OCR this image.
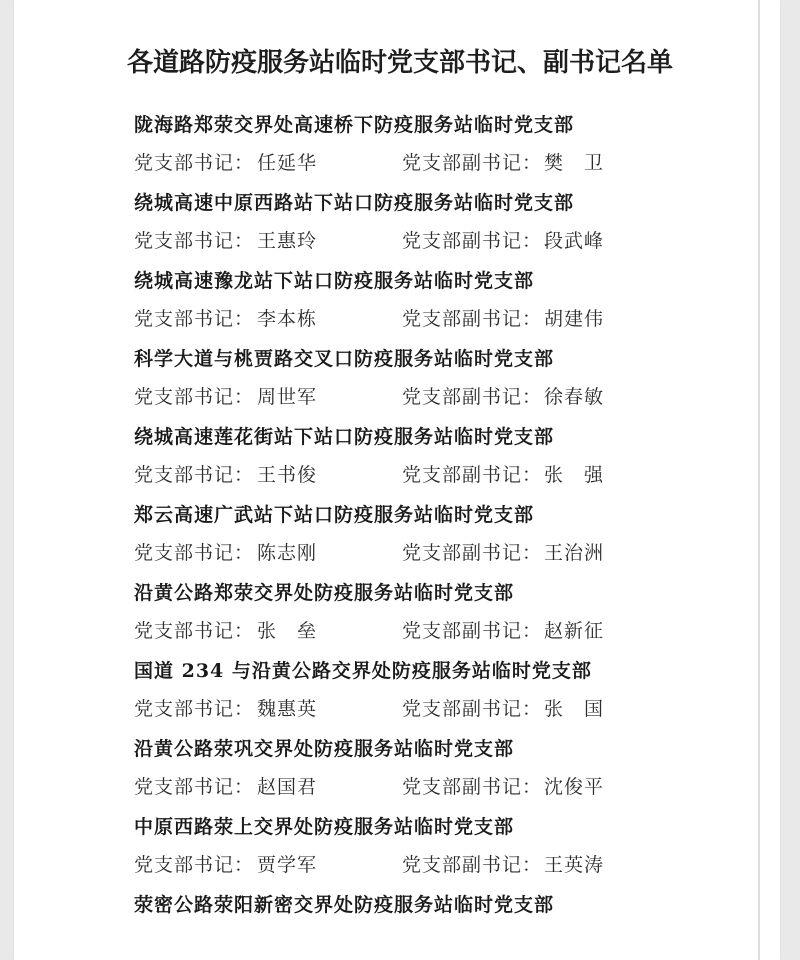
各道路防疫服务站临时党支部书记、副书记名单
陇海路郑荥交界处高速桥下防疫服务站临时党支部
党支部书记： 任延华	党支部副书记： 樊　卫
绕城高速中原西路站下站口防疫服务站临时党支部
党支部书记： 王惠玲	党支部副书记： 段武峰
绕城高速豫龙站下站口防疫服务站临时党支部
党支部书记： 李本栋	党支部副书记： 胡建伟
科学大道与桃贾路交叉口防疫服务站临时党支部
党支部书记： 周世军	党支部副书记： 徐春敏
绕城高速莲花街站下站口防疫服务站临时党支部
党支部书记： 王书俊	党支部副书记： 张　强
郑云高速广武站下站口防疫服务站临时党支部
党支部书记： 陈志刚	党支部副书记： 王治洲
沿黄公路郑荥交界处防疫服务站临时党支部
党支部书记： 张　垒	党支部副书记： 赵新征
国道 234 与沿黄公路交界处防疫服务站临时党支部
党支部书记： 魏惠英	党支部副书记： 张　国
沿黄公路荥巩交界处防疫服务站临时党支部
党支部书记： 赵国君	党支部副书记： 沈俊平
中原西路荥上交界处防疫服务站临时党支部
党支部书记： 贾学军	党支部副书记： 王英涛
荥密公路荥阳新密交界处防疫服务站临时党支部
